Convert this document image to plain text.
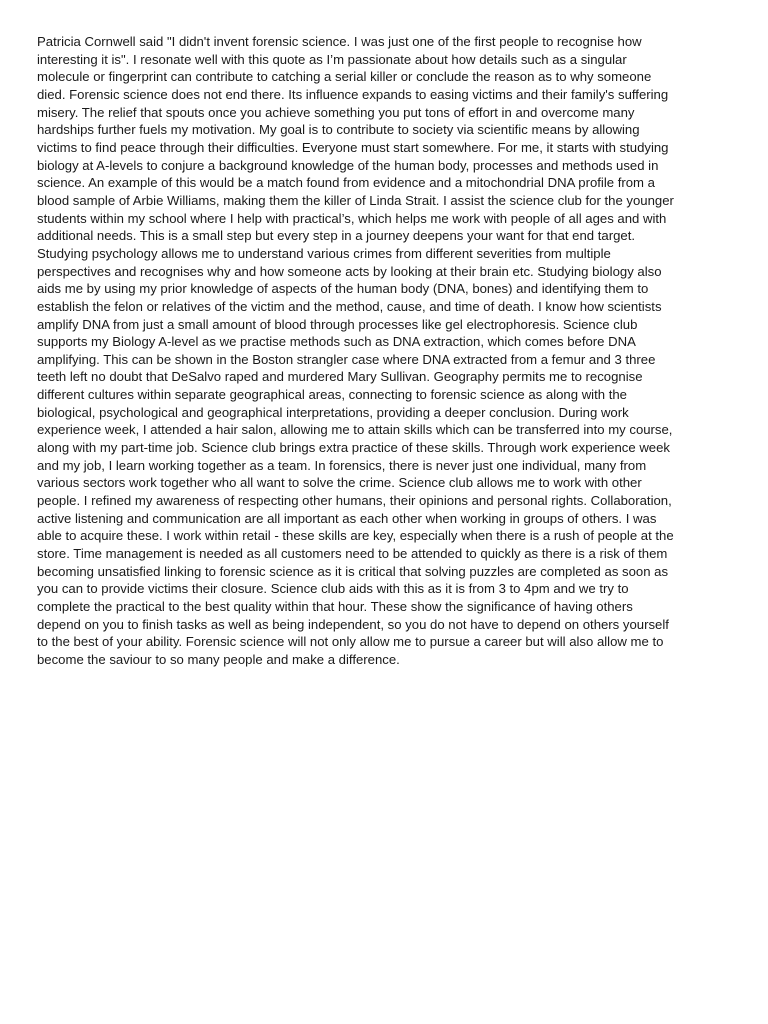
Patricia Cornwell said "I didn't invent forensic science. I was just one of the first people to recognise how
interesting it is". I resonate well with this quote as I’m passionate about how details such as a singular
molecule or fingerprint can contribute to catching a serial killer or conclude the reason as to why someone
died. Forensic science does not end there. Its influence expands to easing victims and their family's suffering
misery. The relief that spouts once you achieve something you put tons of effort in and overcome many
hardships further fuels my motivation. My goal is to contribute to society via scientific means by allowing
victims to find peace through their difficulties. Everyone must start somewhere. For me, it starts with studying
biology at A-levels to conjure a background knowledge of the human body, processes and methods used in
science. An example of this would be a match found from evidence and a mitochondrial DNA profile from a
blood sample of Arbie Williams, making them the killer of Linda Strait. I assist the science club for the younger
students within my school where I help with practical’s, which helps me work with people of all ages and with
additional needs. This is a small step but every step in a journey deepens your want for that end target.
Studying psychology allows me to understand various crimes from different severities from multiple
perspectives and recognises why and how someone acts by looking at their brain etc. Studying biology also
aids me by using my prior knowledge of aspects of the human body (DNA, bones) and identifying them to
establish the felon or relatives of the victim and the method, cause, and time of death. I know how scientists
amplify DNA from just a small amount of blood through processes like gel electrophoresis. Science club
supports my Biology A-level as we practise methods such as DNA extraction, which comes before DNA
amplifying. This can be shown in the Boston strangler case where DNA extracted from a femur and 3 three
teeth left no doubt that DeSalvo raped and murdered Mary Sullivan. Geography permits me to recognise
different cultures within separate geographical areas, connecting to forensic science as along with the
biological, psychological and geographical interpretations, providing a deeper conclusion. During work
experience week, I attended a hair salon, allowing me to attain skills which can be transferred into my course,
along with my part-time job. Science club brings extra practice of these skills. Through work experience week
and my job, I learn working together as a team. In forensics, there is never just one individual, many from
various sectors work together who all want to solve the crime. Science club allows me to work with other
people. I refined my awareness of respecting other humans, their opinions and personal rights. Collaboration,
active listening and communication are all important as each other when working in groups of others. I was
able to acquire these. I work within retail - these skills are key, especially when there is a rush of people at the
store. Time management is needed as all customers need to be attended to quickly as there is a risk of them
becoming unsatisfied linking to forensic science as it is critical that solving puzzles are completed as soon as
you can to provide victims their closure. Science club aids with this as it is from 3 to 4pm and we try to
complete the practical to the best quality within that hour. These show the significance of having others
depend on you to finish tasks as well as being independent, so you do not have to depend on others yourself
to the best of your ability. Forensic science will not only allow me to pursue a career but will also allow me to
become the saviour to so many people and make a difference.
